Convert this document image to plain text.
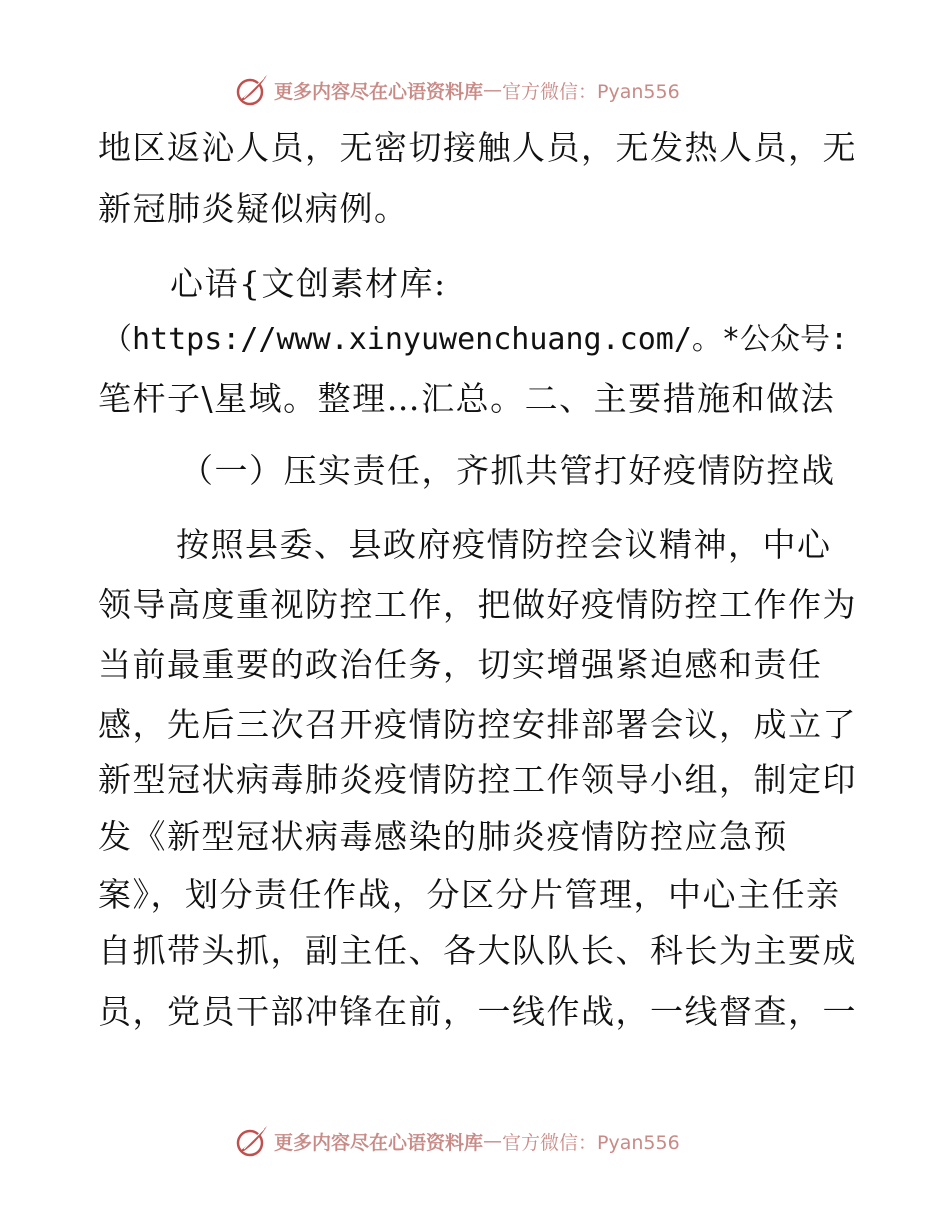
更多内容尽在心语资料库 — 官方微信：Pyan556
地区返沁人员，无密切接触人员，无发热人员，无
新冠肺炎疑似病例。
心语{文创素材库:
（https://www.xinyuwenchuang.com/。*公众号:
笔杆子\星域。整理…汇总。二、主要措施和做法
（一）压实责任，齐抓共管打好疫情防控战
按照县委、县政府疫情防控会议精神，中心
领导高度重视防控工作，把做好疫情防控工作作为
当前最重要的政治任务，切实增强紧迫感和责任
感，先后三次召开疫情防控安排部署会议，成立了
新型冠状病毒肺炎疫情防控工作领导小组，制定印
发《新型冠状病毒感染的肺炎疫情防控应急预
案》，划分责任作战，分区分片管理，中心主任亲
自抓带头抓，副主任、各大队队长、科长为主要成
员，党员干部冲锋在前，一线作战，一线督查，一
更多内容尽在心语资料库 — 官方微信：Pyan556
